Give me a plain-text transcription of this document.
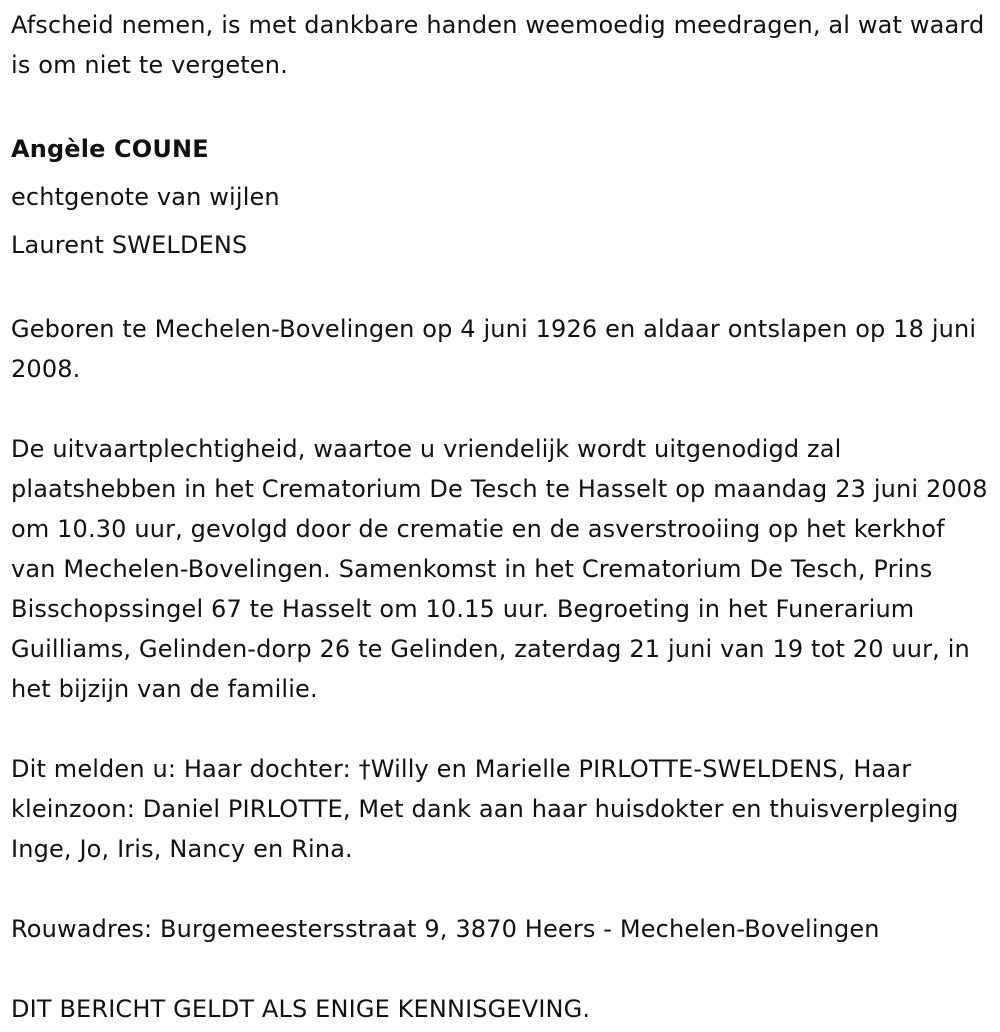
Afscheid nemen, is met dankbare handen weemoedig meedragen, al wat waard is om niet te vergeten.

Angèle COUNE

echtgenote van wijlen

Laurent SWELDENS

Geboren te Mechelen-Bovelingen op 4 juni 1926 en aldaar ontslapen op 18 juni 2008.

De uitvaartplechtigheid, waartoe u vriendelijk wordt uitgenodigd zal plaatshebben in het Crematorium De Tesch te Hasselt op maandag 23 juni 2008 om 10.30 uur, gevolgd door de crematie en de asverstrooiing op het kerkhof van Mechelen-Bovelingen. Samenkomst in het Crematorium De Tesch, Prins Bisschopssingel 67 te Hasselt om 10.15 uur. Begroeting in het Funerarium Guilliams, Gelinden-dorp 26 te Gelinden, zaterdag 21 juni van 19 tot 20 uur, in het bijzijn van de familie.

Dit melden u: Haar dochter: †Willy en Marielle PIRLOTTE-SWELDENS, Haar kleinzoon: Daniel PIRLOTTE, Met dank aan haar huisdokter en thuisverpleging Inge, Jo, Iris, Nancy en Rina.

Rouwadres: Burgemeestersstraat 9, 3870 Heers - Mechelen-Bovelingen

DIT BERICHT GELDT ALS ENIGE KENNISGEVING.
